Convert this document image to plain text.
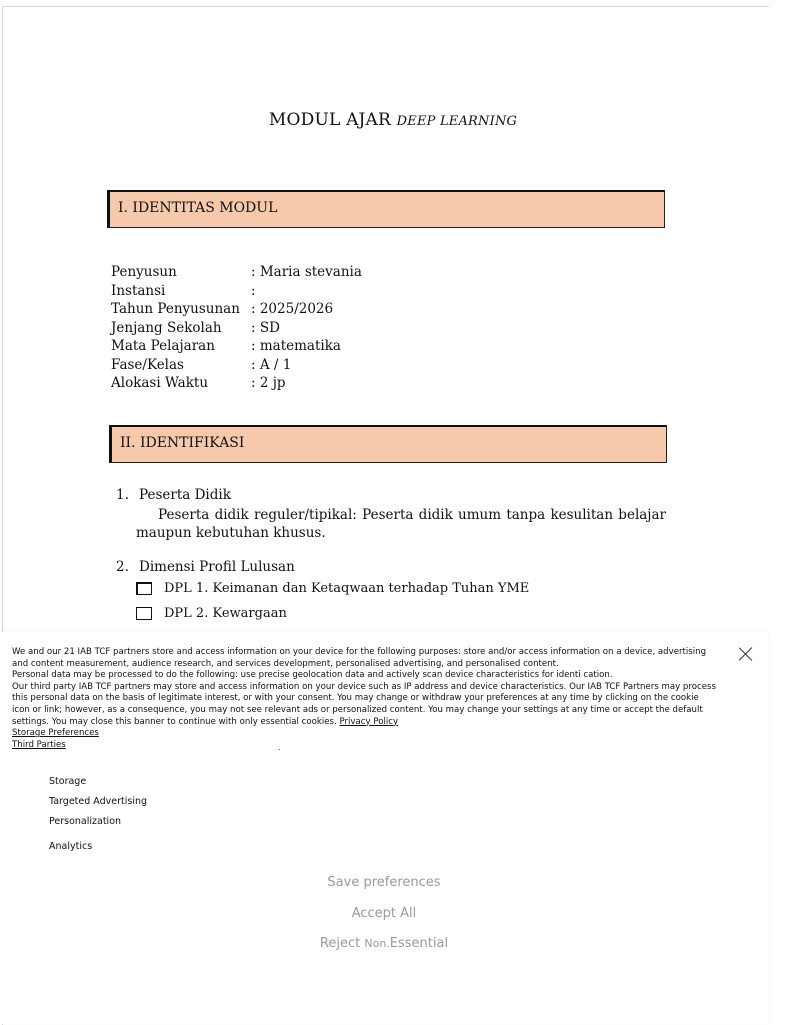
MODUL AJAR DEEP LEARNING
I. IDENTITAS MODUL
Penyusun	: Maria stevania
Instansi	:
Tahun Penyusunan : 2025/2026
Jenjang Sekolah	: SD
Mata Pelajaran	: matematika
Fase/Kelas	: A / 1
Alokasi Waktu	: 2 jp
II. IDENTIFIKASI
1. Peserta Didik
Peserta didik reguler/tipikal: Peserta didik umum tanpa kesulitan belajar maupun kebutuhan khusus.
2. Dimensi Profil Lulusan
DPL 1. Keimanan dan Ketaqwaan terhadap Tuhan YME
DPL 2. Kewargaan

We and our 21 IAB TCF partners store and access information on your device for the following purposes: store and/or access information on a device, advertising and content measurement, audience research, and services development, personalised advertising, and personalised content.

Personal data may be processed to do the following: use precise geolocation data and actively scan device characteristics for identi cation.

Our third party IAB TCF partners may store and access information on your device such as IP address and device characteristics. Our IAB TCF Partners may process this personal data on the basis of legitimate interest, or with your consent. You may change or withdraw your preferences at any time by clicking on the cookie icon or link; however, as a consequence, you may not see relevant ads or personalized content. You may change your settings at any time or accept the default settings. You may close this banner to continue with only essential cookies. Privacy Policy

Storage Preferences

Third Parties	.
Storage
Targeted Advertising
Personalization
Analytics
Save preferences
Accept All
Reject Non.Essential
